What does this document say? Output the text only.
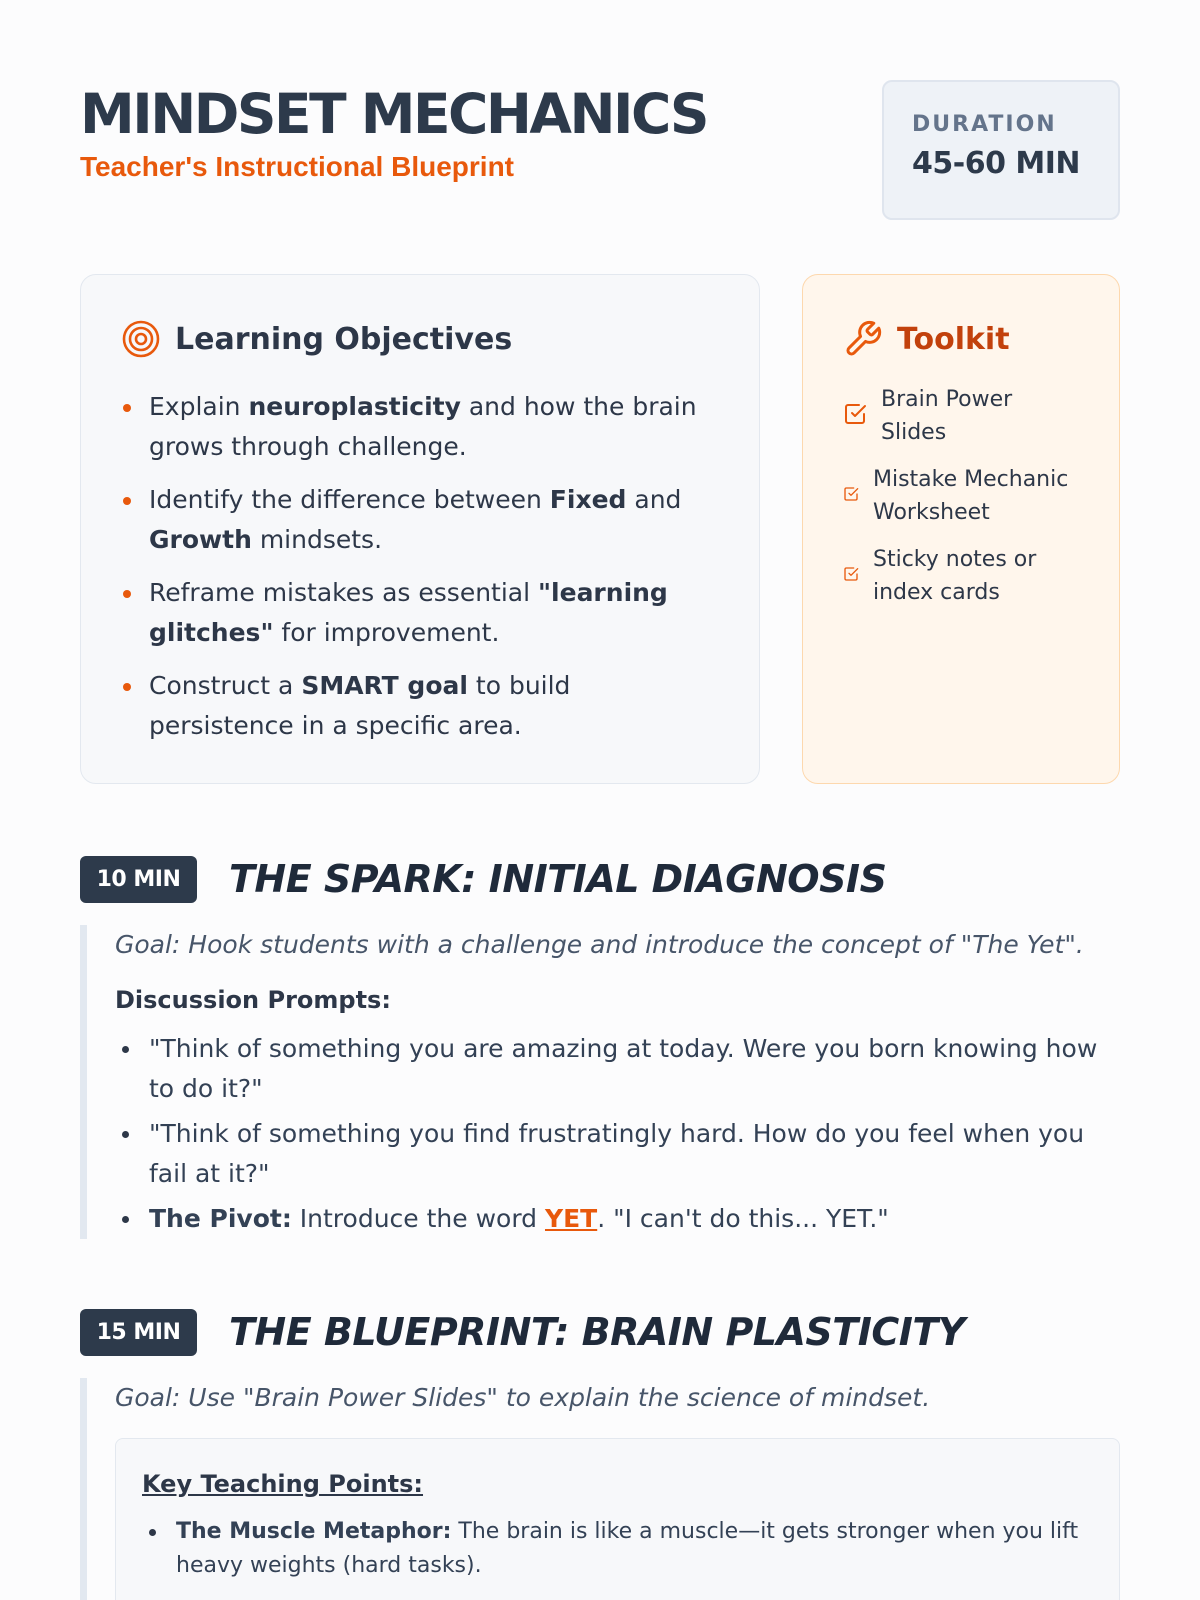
MINDSET MECHANICS
Teacher's Instructional Blueprint
DURATION
45-60 MIN
Learning Objectives
Explain neuroplasticity and how the brain grows through challenge.
Identify the difference between Fixed and Growth mindsets.
Reframe mistakes as essential "learning glitches" for improvement.
Construct a SMART goal to build persistence in a specific area.
Toolkit
Brain Power Slides
Mistake Mechanic Worksheet
Sticky notes or index cards
10 MIN	THE SPARK: INITIAL DIAGNOSIS

Goal: Hook students with a challenge and introduce the concept of "The Yet".

Discussion Prompts:

"Think of something you are amazing at today. Were you born knowing how to do it?"
"Think of something you find frustratingly hard. How do you feel when you fail at it?"
The Pivot: Introduce the word YET. "I can't do this... YET."
15 MIN	THE BLUEPRINT: BRAIN PLASTICITY

Goal: Use "Brain Power Slides" to explain the science of mindset.

Key Teaching Points:

The Muscle Metaphor: The brain is like a muscle—it gets stronger when you lift heavy weights (hard tasks).
